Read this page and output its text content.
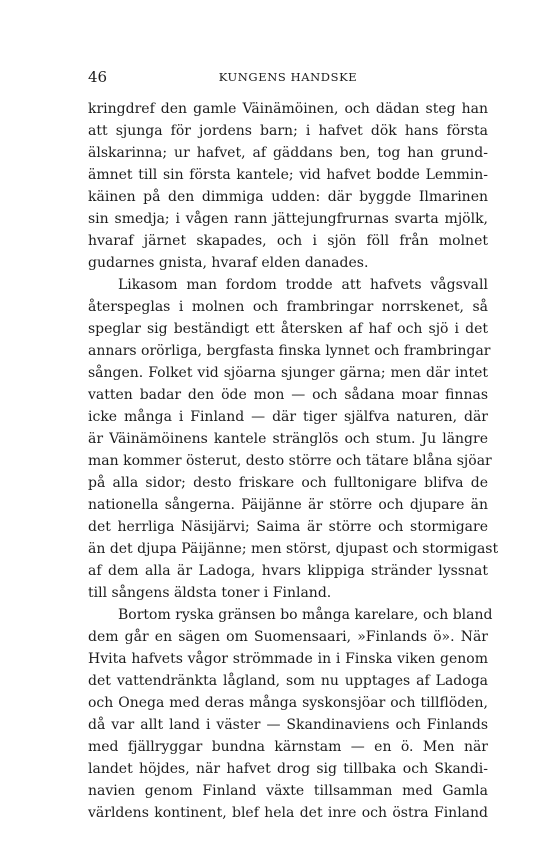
46	KUNGENS HANDSKE
kringdref den gamle Väinämöinen, och dädan steg han
att sjunga för jordens barn; i hafvet dök hans första
älskarinna; ur hafvet, af gäddans ben, tog han grund-
ämnet till sin första kantele; vid hafvet bodde Lemmin-
käinen på den dimmiga udden: där byggde Ilmarinen
sin smedja; i vågen rann jättejungfrurnas svarta mjölk,
hvaraf järnet skapades, och i sjön föll från molnet
gudarnes gnista, hvaraf elden danades.
Likasom man fordom trodde att hafvets vågsvall
återspeglas i molnen och frambringar norrskenet, så
speglar sig beständigt ett återsken af haf och sjö i det
annars orörliga, bergfasta finska lynnet och frambringar
sången. Folket vid sjöarna sjunger gärna; men där intet
vatten badar den öde mon — och sådana moar finnas
icke många i Finland — där tiger själfva naturen, där
är Väinämöinens kantele stränglös och stum. Ju längre
man kommer österut, desto större och tätare blåna sjöar
på alla sidor; desto friskare och fulltonigare blifva de
nationella sångerna. Päijänne är större och djupare än
det herrliga Näsijärvi; Saima är större och stormigare
än det djupa Päijänne; men störst, djupast och stormigast
af dem alla är Ladoga, hvars klippiga stränder lyssnat
till sångens äldsta toner i Finland.
Bortom ryska gränsen bo många karelare, och bland
dem går en sägen om Suomensaari, »Finlands ö». När
Hvita hafvets vågor strömmade in i Finska viken genom
det vattendränkta lågland, som nu upptages af Ladoga
och Onega med deras många syskonsjöar och tillflöden,
då var allt land i väster — Skandinaviens och Finlands
med fjällryggar bundna kärnstam — en ö. Men när
landet höjdes, när hafvet drog sig tillbaka och Skandi-
navien genom Finland växte tillsamman med Gamla
världens kontinent, blef hela det inre och östra Finland
